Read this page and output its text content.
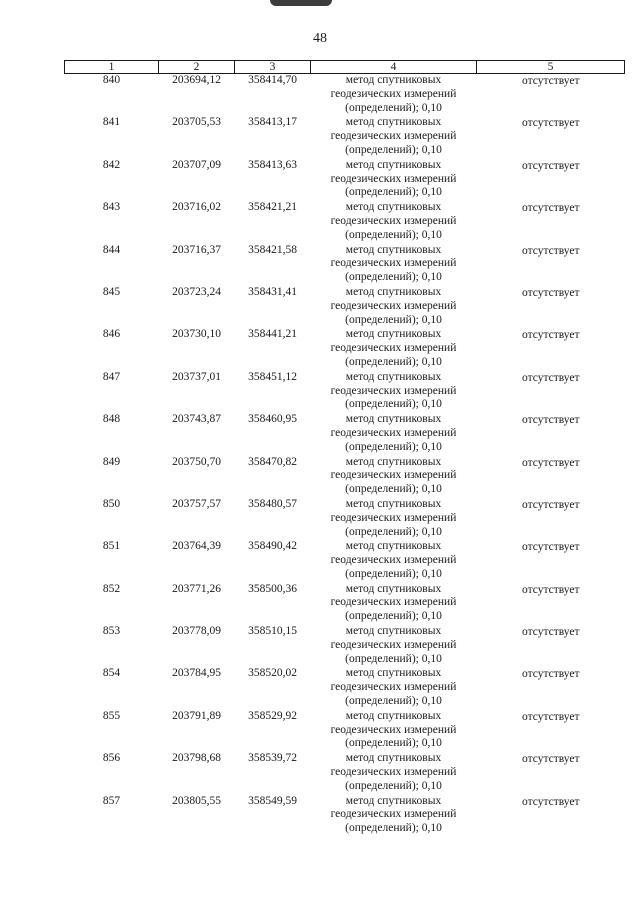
48
1	2	3	4	5
840	203694,12	358414,70	метод спутниковых
геодезических измерений
(определений); 0,10	отсутствует

841	203705,53	358413,17	метод спутниковых
геодезических измерений
(определений); 0,10	отсутствует

842	203707,09	358413,63	метод спутниковых
геодезических измерений
(определений); 0,10	отсутствует

843	203716,02	358421,21	метод спутниковых
геодезических измерений
(определений); 0,10	отсутствует

844	203716,37	358421,58	метод спутниковых
геодезических измерений
(определений); 0,10	отсутствует

845	203723,24	358431,41	метод спутниковых
геодезических измерений
(определений); 0,10	отсутствует

846	203730,10	358441,21	метод спутниковых
геодезических измерений
(определений); 0,10	отсутствует

847	203737,01	358451,12	метод спутниковых
геодезических измерений
(определений); 0,10	отсутствует

848	203743,87	358460,95	метод спутниковых
геодезических измерений
(определений); 0,10	отсутствует

849	203750,70	358470,82	метод спутниковых
геодезических измерений
(определений); 0,10	отсутствует

850	203757,57	358480,57	метод спутниковых
геодезических измерений
(определений); 0,10	отсутствует

851	203764,39	358490,42	метод спутниковых
геодезических измерений
(определений); 0,10	отсутствует

852	203771,26	358500,36	метод спутниковых
геодезических измерений
(определений); 0,10	отсутствует

853	203778,09	358510,15	метод спутниковых
геодезических измерений
(определений); 0,10	отсутствует

854	203784,95	358520,02	метод спутниковых
геодезических измерений
(определений); 0,10	отсутствует

855	203791,89	358529,92	метод спутниковых
геодезических измерений
(определений); 0,10	отсутствует

856	203798,68	358539,72	метод спутниковых
геодезических измерений
(определений); 0,10	отсутствует

857	203805,55	358549,59	метод спутниковых
геодезических измерений
(определений); 0,10	отсутствует
